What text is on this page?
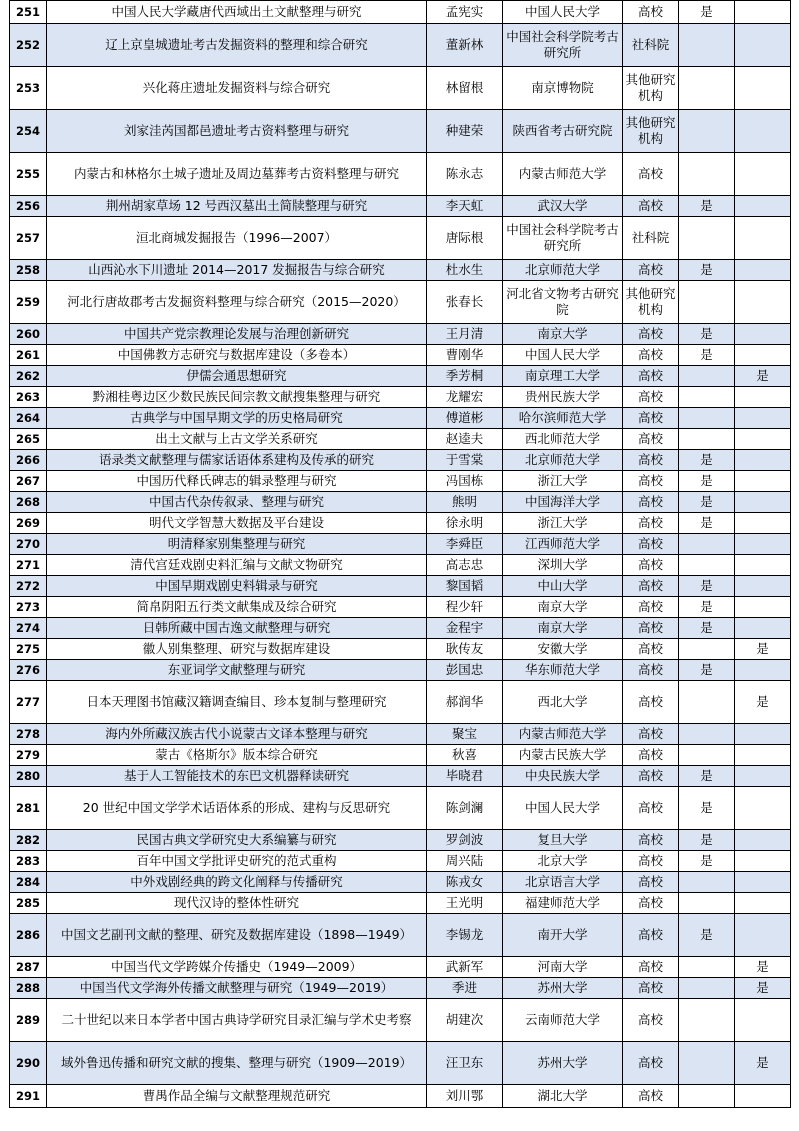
251	中国人民大学藏唐代西域出土文献整理与研究	孟宪实	中国人民大学	高校	是	
252	辽上京皇城遗址考古发掘资料的整理和综合研究	董新林	中国社会科学院考古研究所	社科院		
253	兴化蒋庄遗址发掘资料与综合研究	林留根	南京博物院	其他研究机构		
254	刘家洼芮国都邑遗址考古资料整理与研究	种建荣	陕西省考古研究院	其他研究机构		
255	内蒙古和林格尔土城子遗址及周边墓葬考古资料整理与研究	陈永志	内蒙古师范大学	高校		
256	荆州胡家草场 12 号西汉墓出土简牍整理与研究	李天虹	武汉大学	高校	是	
257	洹北商城发掘报告（1996—2007）	唐际根	中国社会科学院考古研究所	社科院		
258	山西沁水下川遗址 2014—2017 发掘报告与综合研究	杜水生	北京师范大学	高校	是	
259	河北行唐故郡考古发掘资料整理与综合研究（2015—2020）	张春长	河北省文物考古研究院	其他研究机构		
260	中国共产党宗教理论发展与治理创新研究	王月清	南京大学	高校	是	
261	中国佛教方志研究与数据库建设（多卷本）	曹刚华	中国人民大学	高校	是	
262	伊儒会通思想研究	季芳桐	南京理工大学	高校		是
263	黔湘桂粤边区少数民族民间宗教文献搜集整理与研究	龙耀宏	贵州民族大学	高校		
264	古典学与中国早期文学的历史格局研究	傅道彬	哈尔滨师范大学	高校		
265	出土文献与上古文学关系研究	赵逵夫	西北师范大学	高校		
266	语录类文献整理与儒家话语体系建构及传承的研究	于雪棠	北京师范大学	高校	是	
267	中国历代释氏碑志的辑录整理与研究	冯国栋	浙江大学	高校	是	
268	中国古代杂传叙录、整理与研究	熊明	中国海洋大学	高校	是	
269	明代文学智慧大数据及平台建设	徐永明	浙江大学	高校	是	
270	明清释家别集整理与研究	李舜臣	江西师范大学	高校		
271	清代宫廷戏剧史料汇编与文献文物研究	高志忠	深圳大学	高校		
272	中国早期戏剧史料辑录与研究	黎国韬	中山大学	高校	是	
273	简帛阴阳五行类文献集成及综合研究	程少轩	南京大学	高校	是	
274	日韩所藏中国古逸文献整理与研究	金程宇	南京大学	高校	是	
275	徽人别集整理、研究与数据库建设	耿传友	安徽大学	高校		是
276	东亚词学文献整理与研究	彭国忠	华东师范大学	高校	是	
277	日本天理图书馆藏汉籍调查编目、珍本复制与整理研究	郝润华	西北大学	高校		是
278	海内外所藏汉族古代小说蒙古文译本整理与研究	聚宝	内蒙古师范大学	高校		
279	蒙古《格斯尔》版本综合研究	秋喜	内蒙古民族大学	高校		
280	基于人工智能技术的东巴文机器释读研究	毕晓君	中央民族大学	高校	是	
281	20 世纪中国文学学术话语体系的形成、建构与反思研究	陈剑澜	中国人民大学	高校	是	
282	民国古典文学研究史大系编纂与研究	罗剑波	复旦大学	高校	是	
283	百年中国文学批评史研究的范式重构	周兴陆	北京大学	高校	是	
284	中外戏剧经典的跨文化阐释与传播研究	陈戎女	北京语言大学	高校		
285	现代汉诗的整体性研究	王光明	福建师范大学	高校		
286	中国文艺副刊文献的整理、研究及数据库建设（1898—1949）	李锡龙	南开大学	高校	是	
287	中国当代文学跨媒介传播史（1949—2009）	武新军	河南大学	高校		是
288	中国当代文学海外传播文献整理与研究（1949—2019）	季进	苏州大学	高校		是
289	二十世纪以来日本学者中国古典诗学研究目录汇编与学术史考察	胡建次	云南师范大学	高校		
290	域外鲁迅传播和研究文献的搜集、整理与研究（1909—2019）	汪卫东	苏州大学	高校		是
291	曹禺作品全编与文献整理规范研究	刘川鄂	湖北大学	高校		
